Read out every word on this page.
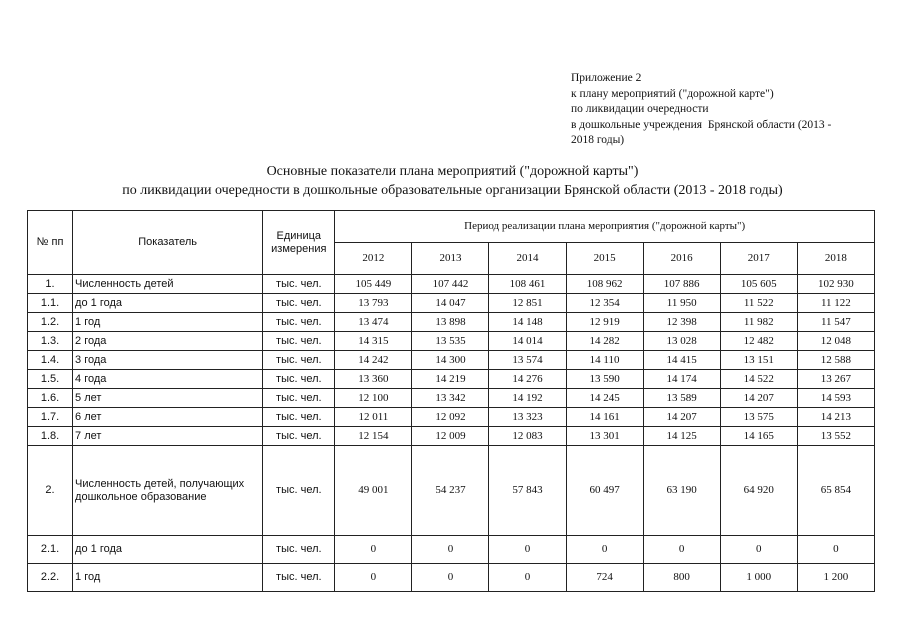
Приложение 2
к плану мероприятий ("дорожной карте")
по ликвидации очередности
в дошкольные учреждения  Брянской области (2013 -
2018 годы)
Основные показатели плана мероприятий ("дорожной карты")
по ликвидации очередности в дошкольные образовательные организации Брянской области (2013 - 2018 годы)
№ пп	Показатель	Единица измерения	Период реализации плана мероприятия ("дорожной карты")						
			2012	2013	2014	2015	2016	2017	2018
1.	Численность детей	тыс. чел.	105 449	107 442	108 461	108 962	107 886	105 605	102 930
1.1.	до 1 года	тыс. чел.	13 793	14 047	12 851	12 354	11 950	11 522	11 122
1.2.	1 год	тыс. чел.	13 474	13 898	14 148	12 919	12 398	11 982	11 547
1.3.	2 года	тыс. чел.	14 315	13 535	14 014	14 282	13 028	12 482	12 048
1.4.	3 года	тыс. чел.	14 242	14 300	13 574	14 110	14 415	13 151	12 588
1.5.	4 года	тыс. чел.	13 360	14 219	14 276	13 590	14 174	14 522	13 267
1.6.	5 лет	тыс. чел.	12 100	13 342	14 192	14 245	13 589	14 207	14 593
1.7.	6 лет	тыс. чел.	12 011	12 092	13 323	14 161	14 207	13 575	14 213
1.8.	7 лет	тыс. чел.	12 154	12 009	12 083	13 301	14 125	14 165	13 552
2.	Численность детей, получающих дошкольное образование	тыс. чел.	49 001	54 237	57 843	60 497	63 190	64 920	65 854
2.1.	до 1 года	тыс. чел.	0	0	0	0	0	0	0
2.2.	1 год	тыс. чел.	0	0	0	724	800	1 000	1 200
